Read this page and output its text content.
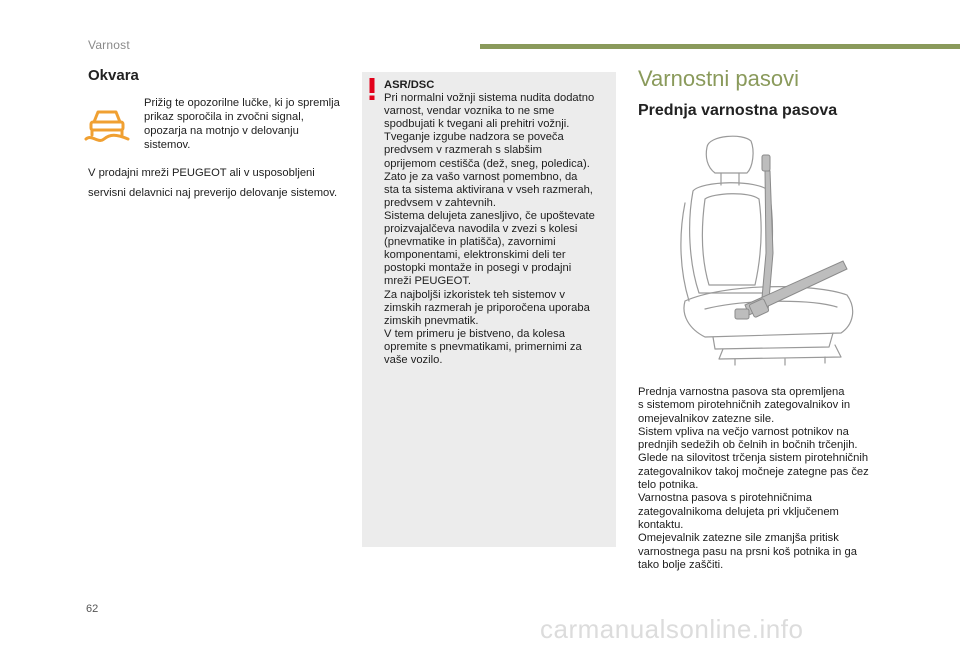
Varnost
Okvara
Prižig te opozorilne lučke, ki jo spremlja prikaz sporočila in zvočni signal, opozarja na motnjo v delovanju sistemov.
V prodajni mreži PEUGEOT ali v usposobljeni
servisni delavnici naj preverijo delovanje sistemov.
ASR/DSC
Pri normalni vožnji sistema nudita dodatno
varnost, vendar voznika to ne sme
spodbujati k tvegani ali prehitri vožnji.
Tveganje izgube nadzora se poveča
predvsem v razmerah s slabšim
oprijemom cestišča (dež, sneg, poledica).
Zato je za vašo varnost pomembno, da
sta ta sistema aktivirana v vseh razmerah,
predvsem v zahtevnih.
Sistema delujeta zanesljivo, če upoštevate
proizvajalčeva navodila v zvezi s kolesi
(pnevmatike in platišča), zavornimi
komponentami, elektronskimi deli ter
postopki montaže in posegi v prodajni
mreži PEUGEOT.
Za najboljši izkoristek teh sistemov v
zimskih razmerah je priporočena uporaba
zimskih pnevmatik.
V tem primeru je bistveno, da kolesa
opremite s pnevmatikami, primernimi za
vaše vozilo.
Varnostni pasovi
Prednja varnostna pasova
Prednja varnostna pasova sta opremljena
s sistemom pirotehničnih zategovalnikov in
omejevalnikov zatezne sile.
Sistem vpliva na večjo varnost potnikov na
prednjih sedežih ob čelnih in bočnih trčenjih.
Glede na silovitost trčenja sistem pirotehničnih
zategovalnikov takoj močneje zategne pas čez
telo potnika.
Varnostna pasova s pirotehničnima
zategovalnikoma delujeta pri vključenem
kontaktu.
Omejevalnik zatezne sile zmanjša pritisk
varnostnega pasu na prsni koš potnika in ga
tako bolje zaščiti.
62
carmanualsonline.info
